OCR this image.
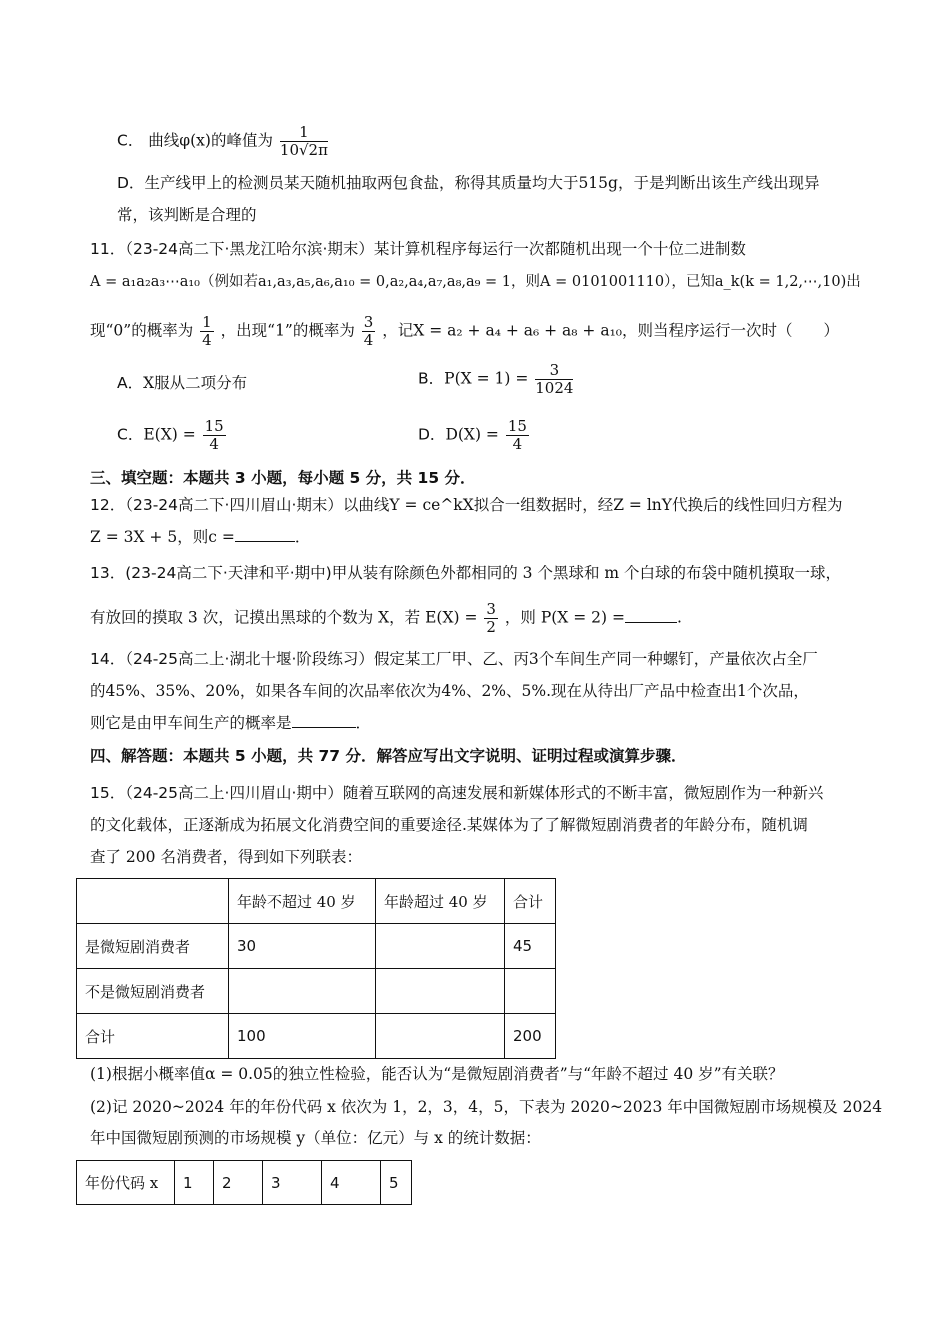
C． 曲线φ(x)的峰值为 $\frac{1}{10√2\pi}$
D．生产线甲上的检测员某天随机抽取两包食盐，称得其质量均大于515g，于是判断出该生产线出现异
常，该判断是合理的
11．（23-24高二下·黑龙江哈尔滨·期末）某计算机程序每运行一次都随机出现一个十位二进制数
A = a₁a₂a₃⋯a₁₀（例如若a₁,a₃,a₅,a₆,a₁₀ = 0,a₂,a₄,a₇,a₈,a₉ = 1，则A = 0101001110），已知a_k(k = 1,2,⋯,10)出
现“0”的概率为 $\frac{1}{4}$ ，出现“1”的概率为 $\frac{3}{4}$ ，记X = a₂ + a₄ + a₆ + a₈ + a₁₀，则当程序运行一次时（　　）
A．X服从二项分布	B．$P(X = 1) = \frac{3}{1024}$
C．$E(X) = \frac{15}{4}$	D．$D(X) = \frac{15}{4}$
三、填空题：本题共 3 小题，每小题 5 分，共 15 分．
12．（23-24高二下·四川眉山·期末）以曲线Y = ce^kX拟合一组数据时，经Z = lnY代换后的线性回归方程为
Z = 3X + 5，则c =	．
13．(23-24高二下·天津和平·期中)甲从装有除颜色外都相同的 3 个黑球和 m 个白球的布袋中随机摸取一球，
有放回的摸取 3 次，记摸出黑球的个数为 X，若 $E(X) = \frac{3}{2}$ ，则 P(X = 2) =	.
14．（24-25高二上·湖北十堰·阶段练习）假定某工厂甲、乙、丙3个车间生产同一种螺钉，产量依次占全厂
的45%、35%、20%，如果各车间的次品率依次为4%、2%、5%.现在从待出厂产品中检查出1个次品，
则它是由甲车间生产的概率是	．
四、解答题：本题共 5 小题，共 77 分．解答应写出文字说明、证明过程或演算步骤．
15．（24-25高二上·四川眉山·期中）随着互联网的高速发展和新媒体形式的不断丰富，微短剧作为一种新兴
的文化载体，正逐渐成为拓展文化消费空间的重要途径.某媒体为了了解微短剧消费者的年龄分布，随机调
查了 200 名消费者，得到如下列联表：
	年龄不超过 40 岁	年龄超过 40 岁	合计
是微短剧消费者	30		45
不是微短剧消费者			
合计	100		200
(1)根据小概率值α = 0.05的独立性检验，能否认为“是微短剧消费者”与“年龄不超过 40 岁”有关联？
(2)记 2020~2024 年的年份代码 x 依次为 1，2，3，4，5，下表为 2020~2023 年中国微短剧市场规模及 2024
年中国微短剧预测的市场规模 y（单位：亿元）与 x 的统计数据：
年份代码 x	1	2	3	4	5
